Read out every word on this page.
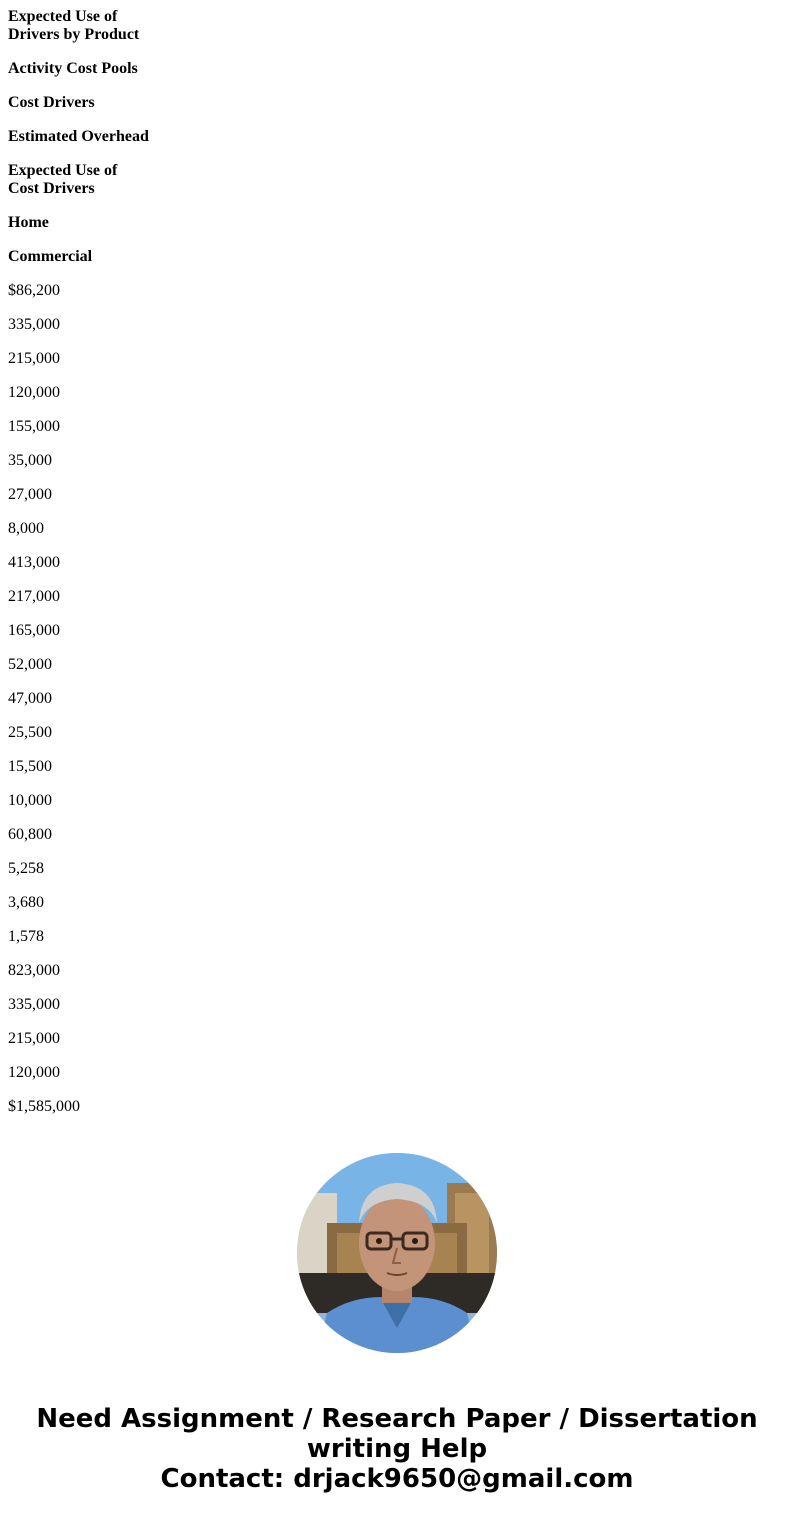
Expected Use of
Drivers by Product
Activity Cost Pools
Cost Drivers
Estimated Overhead
Expected Use of
Cost Drivers
Home
Commercial
$86,200
335,000
215,000
120,000
155,000
35,000
27,000
8,000
413,000
217,000
165,000
52,000
47,000
25,500
15,500
10,000
60,800
5,258
3,680
1,578
823,000
335,000
215,000
120,000
$1,585,000
Need Assignment / Research Paper / Dissertation
writing Help
Contact: drjack9650@gmail.com
